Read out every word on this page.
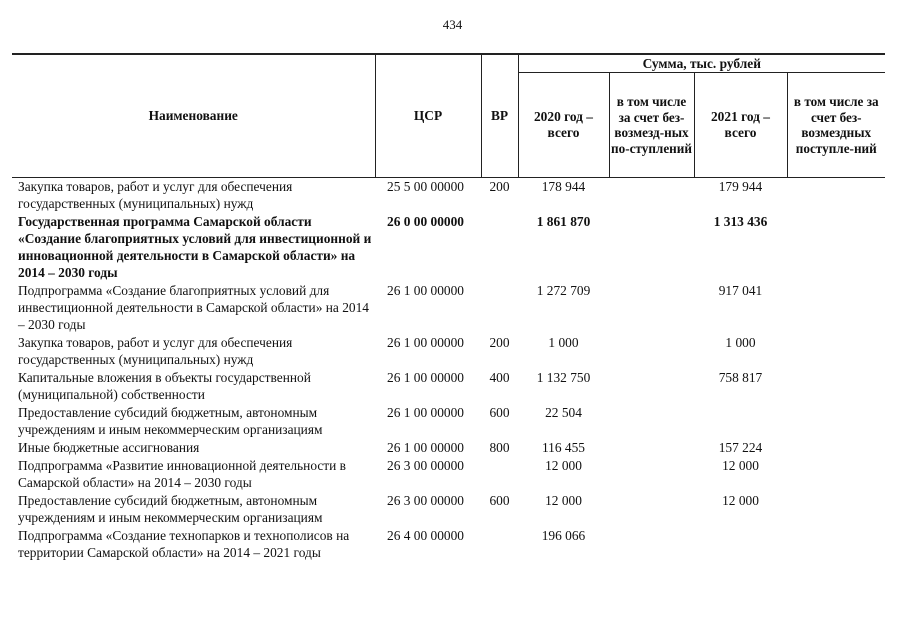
434
Наименование	ЦСР	ВР	Сумма, тыс. рублей			
			2020 год – всего	в том числе за счет без-возмезд-ных по-ступлений	2021 год – всего	в том числе за счет без-возмездных поступле-ний
Закупка товаров, работ и услуг для обеспечения государственных (муниципальных) нужд	25 5 00 00000	200	178 944		179 944	
Государственная программа Самарской области «Создание благоприятных условий для инвестиционной и инновационной деятельности в Самарской области» на 2014 – 2030 годы	26 0 00 00000		1 861 870		1 313 436	
Подпрограмма «Создание благоприятных условий для инвестиционной деятельности в Самарской области» на 2014 – 2030 годы	26 1 00 00000		1 272 709		917 041	
Закупка товаров, работ и услуг для обеспечения государственных (муниципальных) нужд	26 1 00 00000	200	1 000		1 000	
Капитальные вложения в объекты государственной (муниципальной) собственности	26 1 00 00000	400	1 132 750		758 817	
Предоставление субсидий бюджетным, автономным учреждениям и иным некоммерческим организациям	26 1 00 00000	600	22 504			
Иные бюджетные ассигнования	26 1 00 00000	800	116 455		157 224	
Подпрограмма «Развитие инновационной деятельности в Самарской области» на 2014 – 2030 годы	26 3 00 00000		12 000		12 000	
Предоставление субсидий бюджетным, автономным учреждениям и иным некоммерческим организациям	26 3 00 00000	600	12 000		12 000	
Подпрограмма «Создание технопарков и технополисов на территории Самарской области» на 2014 – 2021 годы	26 4 00 00000		196 066			
